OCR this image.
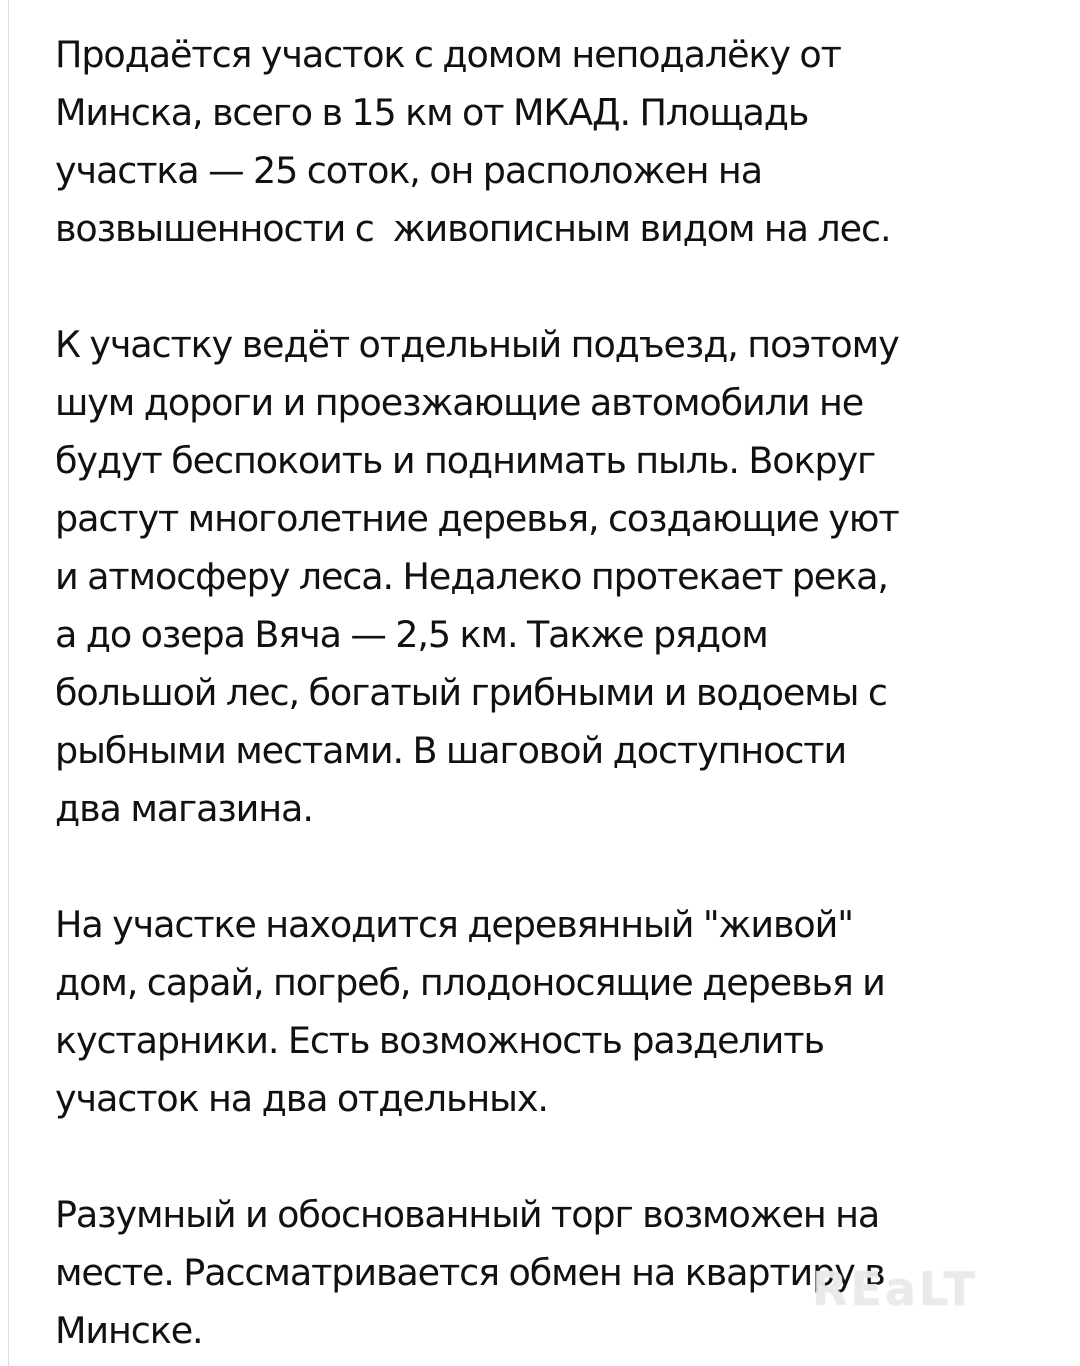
Продаётся участок с домом неподалёку от
Минска, всего в 15 км от МКАД. Площадь
участка — 25 соток, он расположен на
возвышенности с  живописным видом на лес.
К участку ведёт отдельный подъезд, поэтому
шум дороги и проезжающие автомобили не
будут беспокоить и поднимать пыль. Вокруг
растут многолетние деревья, создающие уют
и атмосферу леса. Недалеко протекает река,
а до озера Вяча — 2,5 км. Также рядом
большой лес, богатый грибными и водоемы с
рыбными местами. В шаговой доступности
два магазина.
На участке находится деревянный "живой"
дом, сарай, погреб, плодоносящие деревья и
кустарники. Есть возможность разделить
участок на два отдельных.
Разумный и обоснованный торг возможен на
месте. Рассматривается обмен на квартиру в
Минске.
REaLT
